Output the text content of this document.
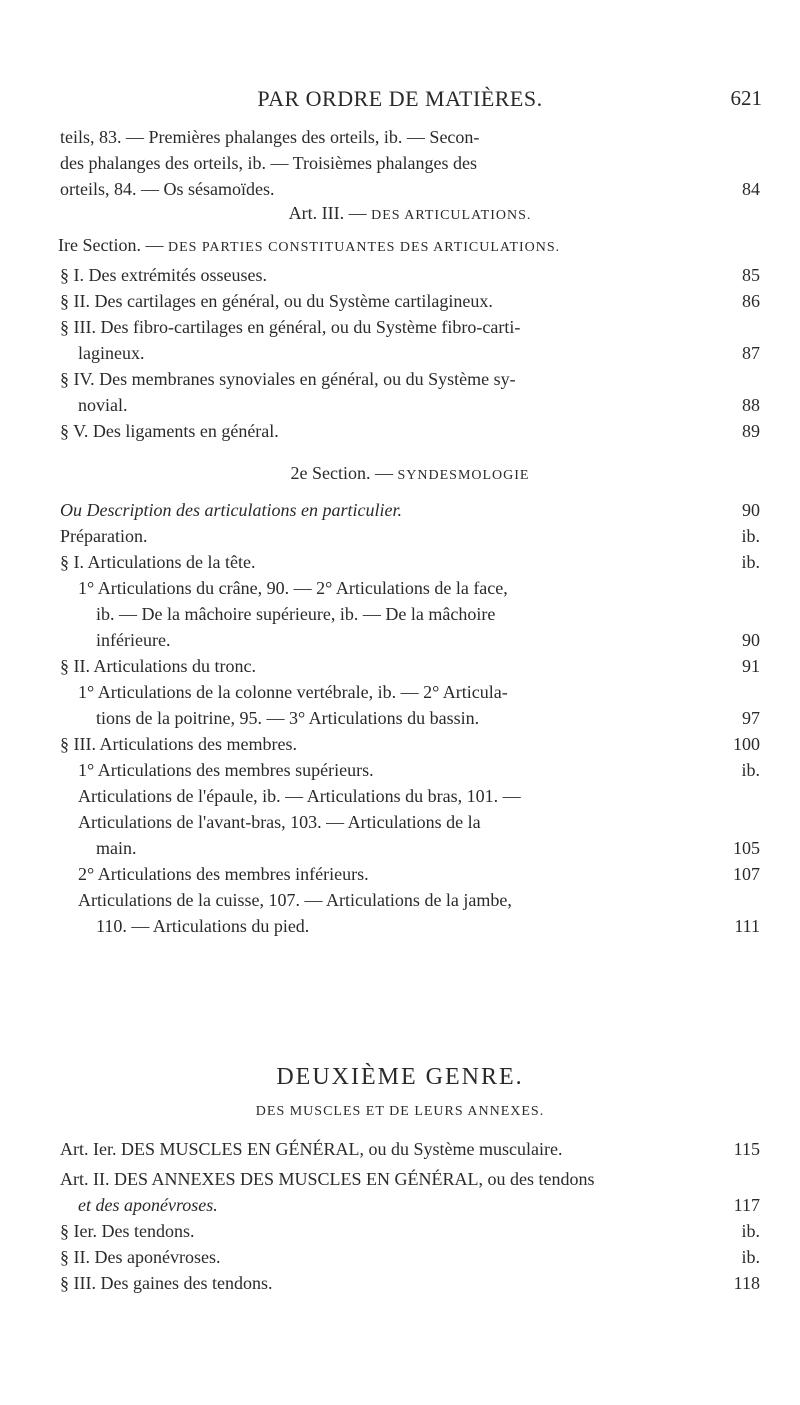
PAR ORDRE DE MATIÈRES.	621
teils, 83. — Premières phalanges des orteils, ib. — Secon-
des phalanges des orteils, ib. — Troisièmes phalanges des
orteils, 84. — Os sésamoïdes.	84
Art. III. — DES ARTICULATIONS.
Ire Section. — DES PARTIES CONSTITUANTES DES ARTICULATIONS.
§ I. Des extrémités osseuses.	85
§ II. Des cartilages en général, ou du Système cartilagineux.	86
§ III. Des fibro-cartilages en général, ou du Système fibro-carti-
lagineux.	87
§ IV. Des membranes synoviales en général, ou du Système sy-
novial.	88
§ V. Des ligaments en général.	89
2e Section. — SYNDESMOLOGIE
Ou Description des articulations en particulier.	90
Préparation.	ib.
§ I. Articulations de la tête.	ib.
1° Articulations du crâne, 90. — 2° Articulations de la face,
ib. — De la mâchoire supérieure, ib. — De la mâchoire
inférieure.	90
§ II. Articulations du tronc.	91
1° Articulations de la colonne vertébrale, ib. — 2° Articula-
tions de la poitrine, 95. — 3° Articulations du bassin.	97
§ III. Articulations des membres.	100
1° Articulations des membres supérieurs.	ib.
Articulations de l'épaule, ib. — Articulations du bras, 101. —
Articulations de l'avant-bras, 103. — Articulations de la
main.	105
2° Articulations des membres inférieurs.	107
Articulations de la cuisse, 107. — Articulations de la jambe,
110. — Articulations du pied.	111
DEUXIÈME GENRE.
DES MUSCLES ET DE LEURS ANNEXES.
Art. Ier. DES MUSCLES EN GÉNÉRAL, ou du Système musculaire.	115
Art. II. DES ANNEXES DES MUSCLES EN GÉNÉRAL, ou des tendons
et des aponévroses.	117
§ Ier. Des tendons.	ib.
§ II. Des aponévroses.	ib.
§ III. Des gaines des tendons.	118
